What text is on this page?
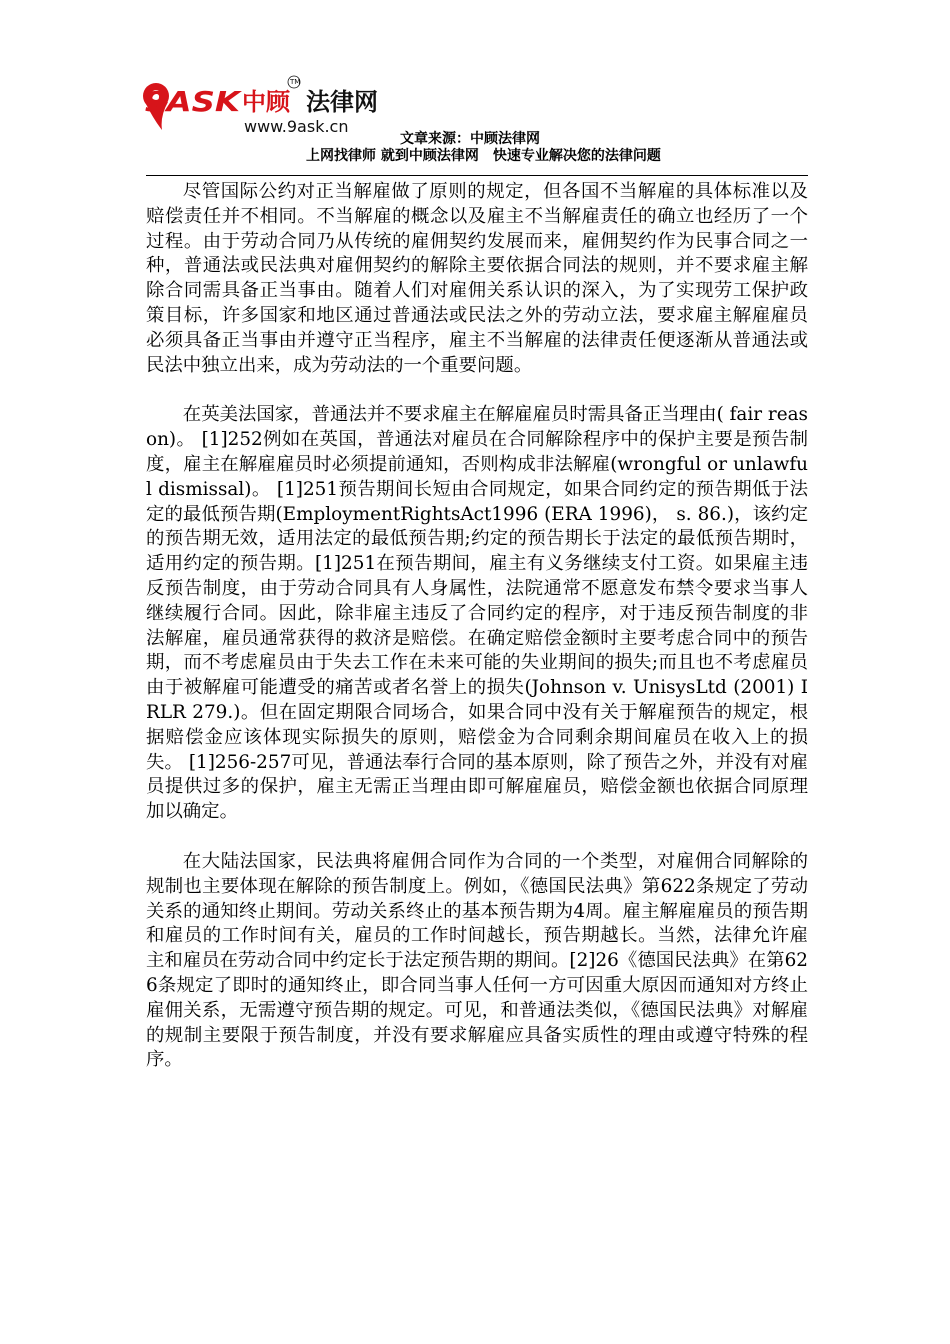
9ASK 中顾
TM
法律网
www.9ask.cn
文章来源：中顾法律网
上网找律师 就到中顾法律网　快速专业解决您的法律问题

尽管国际公约对正当解雇做了原则的规定，但各国不当解雇的具体标准以及赔偿责任并不相同。不当解雇的概念以及雇主不当解雇责任的确立也经历了一个过程。由于劳动合同乃从传统的雇佣契约发展而来，雇佣契约作为民事合同之一种，普通法或民法典对雇佣契约的解除主要依据合同法的规则，并不要求雇主解除合同需具备正当事由。随着人们对雇佣关系认识的深入，为了实现劳工保护政策目标，许多国家和地区通过普通法或民法之外的劳动立法，要求雇主解雇雇员必须具备正当事由并遵守正当程序，雇主不当解雇的法律责任便逐渐从普通法或民法中独立出来，成为劳动法的一个重要问题。

在英美法国家，普通法并不要求雇主在解雇雇员时需具备正当理由( fair reason)。 [1]252例如在英国，普通法对雇员在合同解除程序中的保护主要是预告制度，雇主在解雇雇员时必须提前通知，否则构成非法解雇(wrongful or unlawful dismissal)。 [1]251预告期间长短由合同规定，如果合同约定的预告期低于法定的最低预告期(EmploymentRightsAct1996 (ERA 1996)， s. 86.)，该约定的预告期无效，适用法定的最低预告期;约定的预告期长于法定的最低预告期时，适用约定的预告期。[1]251在预告期间，雇主有义务继续支付工资。如果雇主违反预告制度，由于劳动合同具有人身属性，法院通常不愿意发布禁令要求当事人继续履行合同。因此，除非雇主违反了合同约定的程序，对于违反预告制度的非法解雇，雇员通常获得的救济是赔偿。在确定赔偿金额时主要考虑合同中的预告期，而不考虑雇员由于失去工作在未来可能的失业期间的损失;而且也不考虑雇员由于被解雇可能遭受的痛苦或者名誉上的损失(Johnson v. UnisysLtd (2001) IRLR 279.)。但在固定期限合同场合，如果合同中没有关于解雇预告的规定，根据赔偿金应该体现实际损失的原则，赔偿金为合同剩余期间雇员在收入上的损失。 [1]256-257可见，普通法奉行合同的基本原则，除了预告之外，并没有对雇员提供过多的保护，雇主无需正当理由即可解雇雇员，赔偿金额也依据合同原理加以确定。

在大陆法国家，民法典将雇佣合同作为合同的一个类型，对雇佣合同解除的规制也主要体现在解除的预告制度上。例如，《德国民法典》第622条规定了劳动关系的通知终止期间。劳动关系终止的基本预告期为4周。雇主解雇雇员的预告期和雇员的工作时间有关，雇员的工作时间越长，预告期越长。当然，法律允许雇主和雇员在劳动合同中约定长于法定预告期的期间。[2]26《德国民法典》在第626条规定了即时的通知终止，即合同当事人任何一方可因重大原因而通知对方终止雇佣关系，无需遵守预告期的规定。可见，和普通法类似，《德国民法典》对解雇的规制主要限于预告制度，并没有要求解雇应具备实质性的理由或遵守特殊的程序。
